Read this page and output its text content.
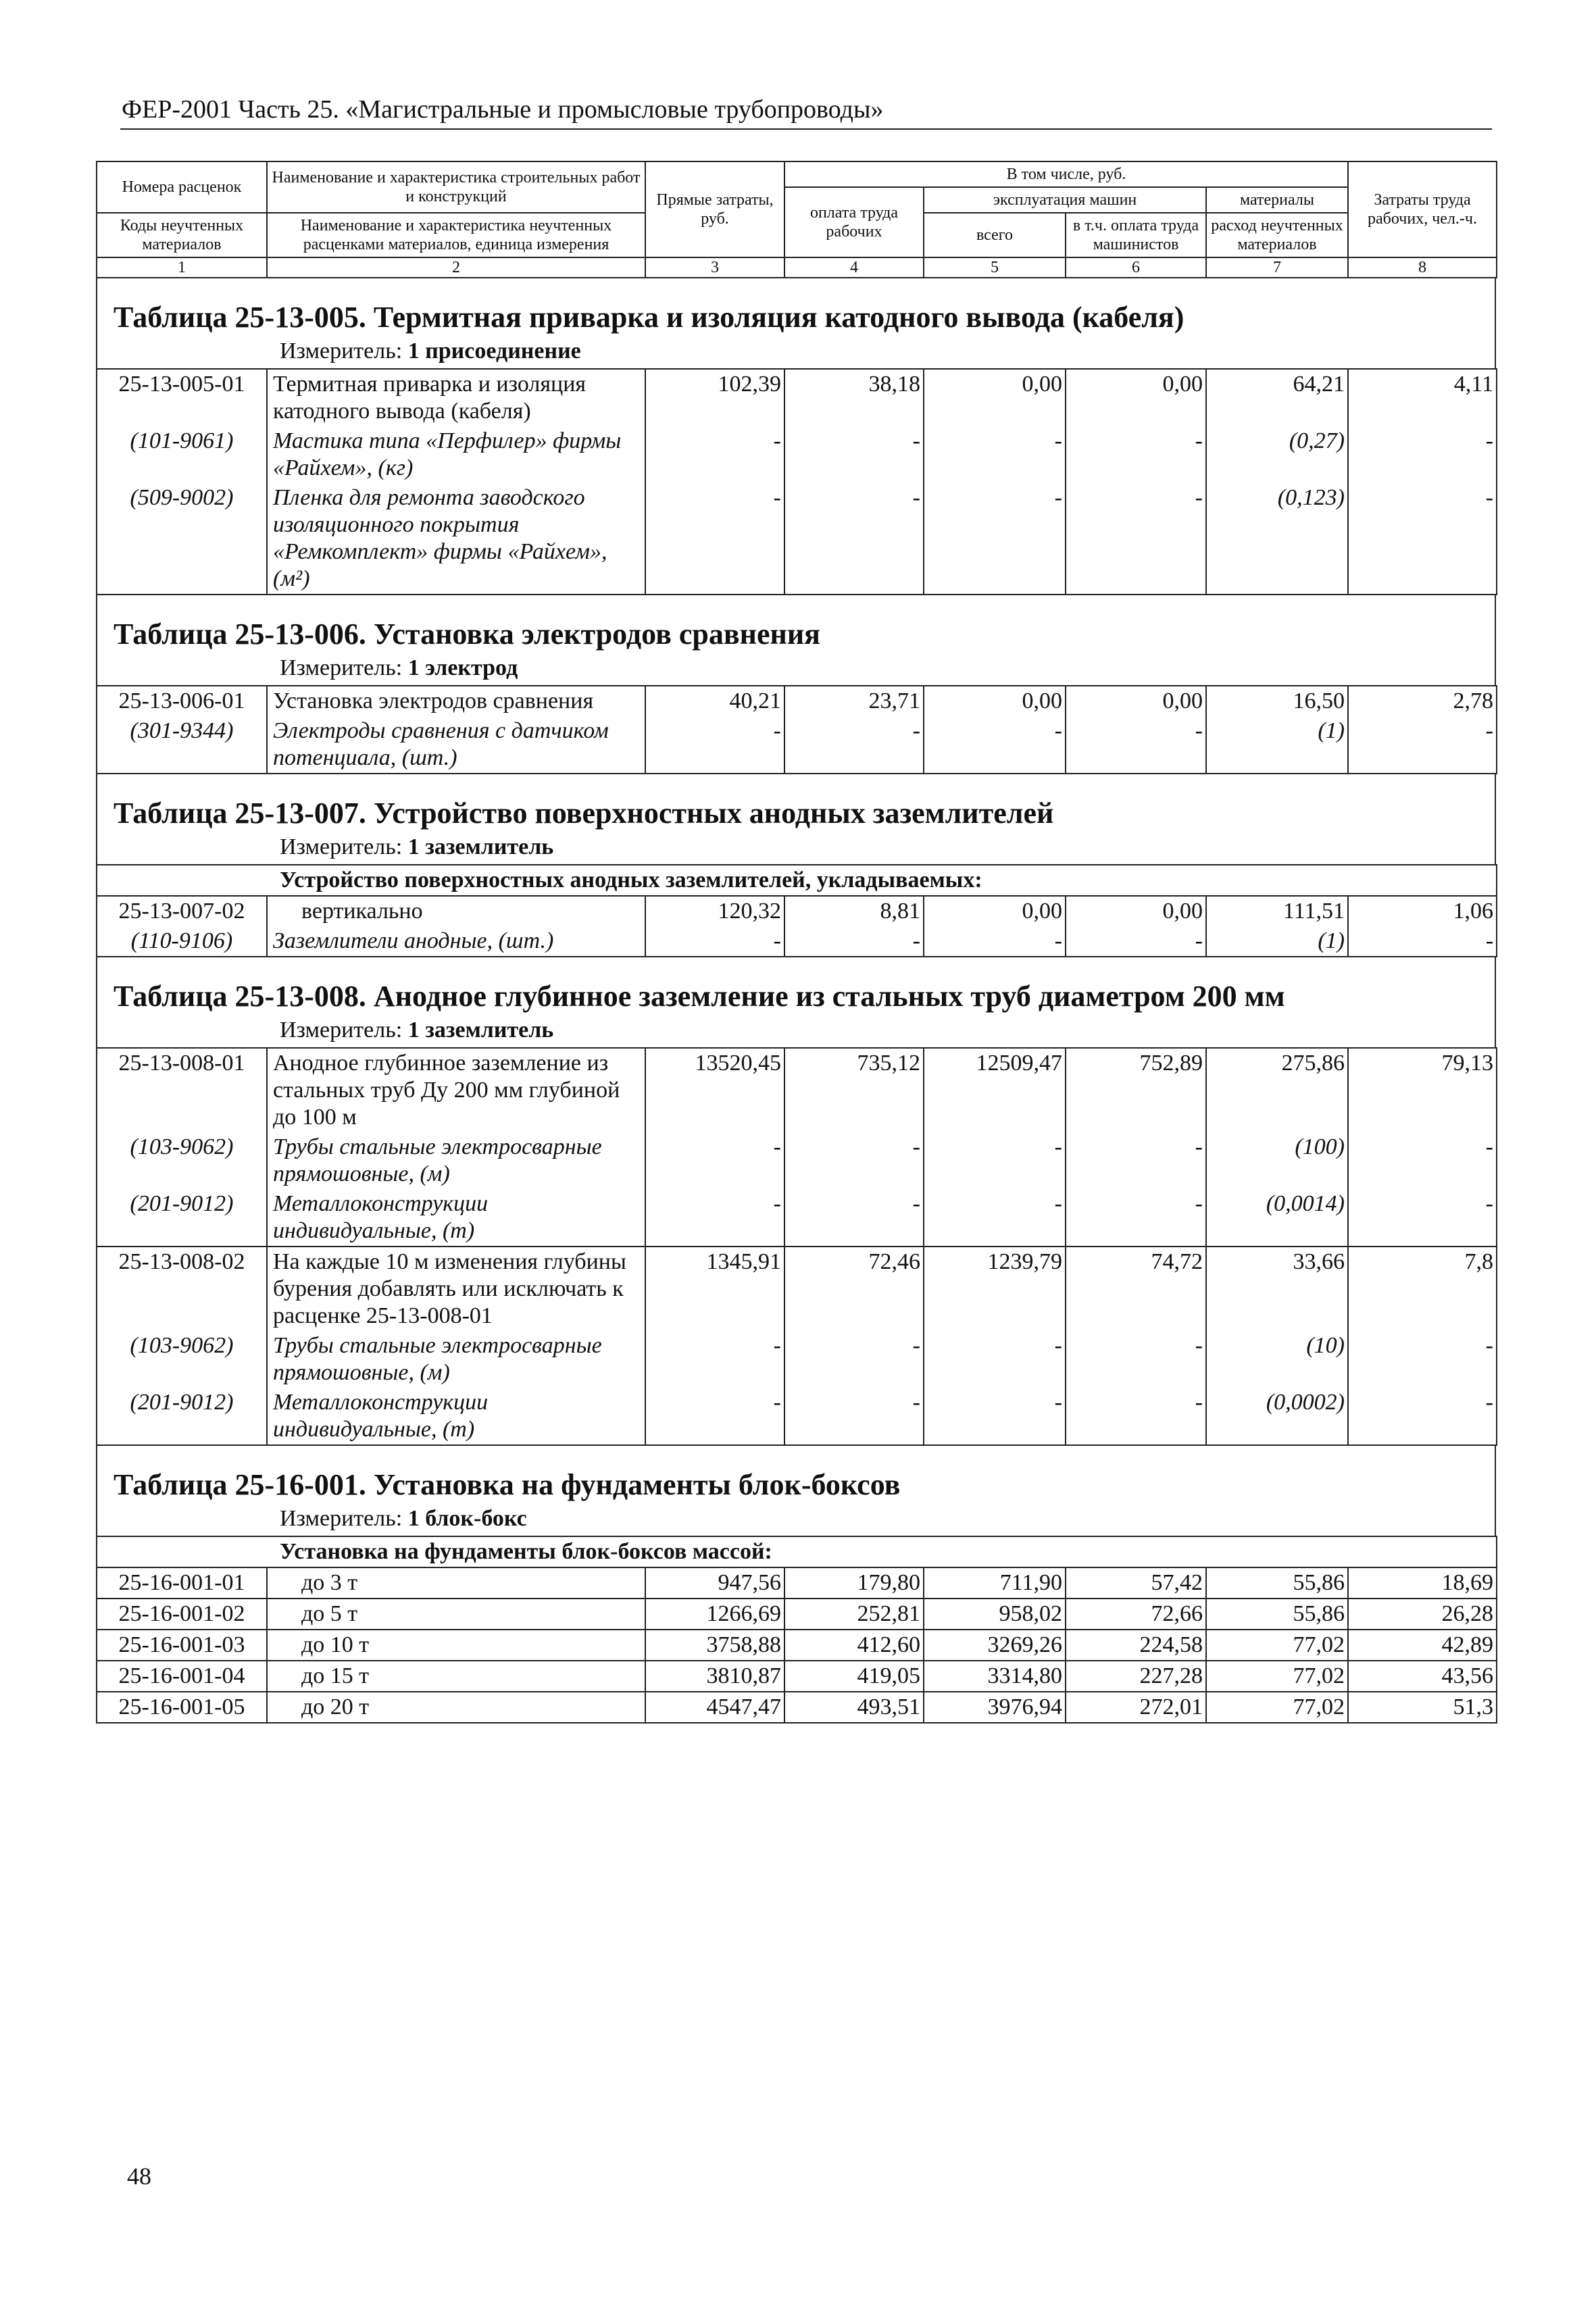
ФЕР-2001 Часть 25. «Магистральные и промысловые трубопроводы»
Номера расценок	Наименование и характеристика строительных работ и конструкций	Прямые затраты, руб.	В том числе, руб.				Затраты труда рабочих, чел.-ч.
			оплата труда рабочих	эксплуатация машин		материалы	
Коды неучтенных материалов	Наименование и характеристика неучтенных расценками материалов, единица измерения			всего	в т.ч. оплата труда машинистов	расход неучтенных материалов	

1	2	3	4	5	6	7	8
Таблица 25-13-005. Термитная приварка и изоляция катодного вывода (кабеля)
Измеритель: 1 присоединение
25-13-005-01	Термитная приварка и изоляция катодного вывода (кабеля)	102,39	38,18	0,00	0,00	64,21	4,11
(101-9061)	Мастика типа «Перфилер» фирмы «Райхем», (кг)	-	-	-	-	(0,27)	-
(509-9002)	Пленка для ремонта заводского изоляционного покрытия «Ремкомплект» фирмы «Райхем», (м²)	-	-	-	-	(0,123)	-
Таблица 25-13-006. Установка электродов сравнения
Измеритель: 1 электрод
25-13-006-01	Установка электродов сравнения	40,21	23,71	0,00	0,00	16,50	2,78
(301-9344)	Электроды сравнения с датчиком потенциала, (шт.)	-	-	-	-	(1)	-
Таблица 25-13-007. Устройство поверхностных анодных заземлителей
Измеритель: 1 заземлитель
Устройство поверхностных анодных заземлителей, укладываемых:							
25-13-007-02	вертикально	120,32	8,81	0,00	0,00	111,51	1,06
(110-9106)	Заземлители анодные, (шт.)	-	-	-	-	(1)	-
Таблица 25-13-008. Анодное глубинное заземление из стальных труб диаметром 200 мм
Измеритель: 1 заземлитель
25-13-008-01	Анодное глубинное заземление из стальных труб Ду 200 мм глубиной до 100 м	13520,45	735,12	12509,47	752,89	275,86	79,13
(103-9062)	Трубы стальные электросварные прямошовные, (м)	-	-	-	-	(100)	-
(201-9012)	Металлоконструкции индивидуальные, (т)	-	-	-	-	(0,0014)	-
25-13-008-02	На каждые 10 м изменения глубины бурения добавлять или исключать к расценке 25-13-008-01	1345,91	72,46	1239,79	74,72	33,66	7,8
(103-9062)	Трубы стальные электросварные прямошовные, (м)	-	-	-	-	(10)	-
(201-9012)	Металлоконструкции индивидуальные, (т)	-	-	-	-	(0,0002)	-
Таблица 25-16-001. Установка на фундаменты блок-боксов
Измеритель: 1 блок-бокс
Установка на фундаменты блок-боксов массой:							
25-16-001-01	до 3 т	947,56	179,80	711,90	57,42	55,86	18,69
25-16-001-02	до 5 т	1266,69	252,81	958,02	72,66	55,86	26,28
25-16-001-03	до 10 т	3758,88	412,60	3269,26	224,58	77,02	42,89
25-16-001-04	до 15 т	3810,87	419,05	3314,80	227,28	77,02	43,56
25-16-001-05	до 20 т	4547,47	493,51	3976,94	272,01	77,02	51,3
48
